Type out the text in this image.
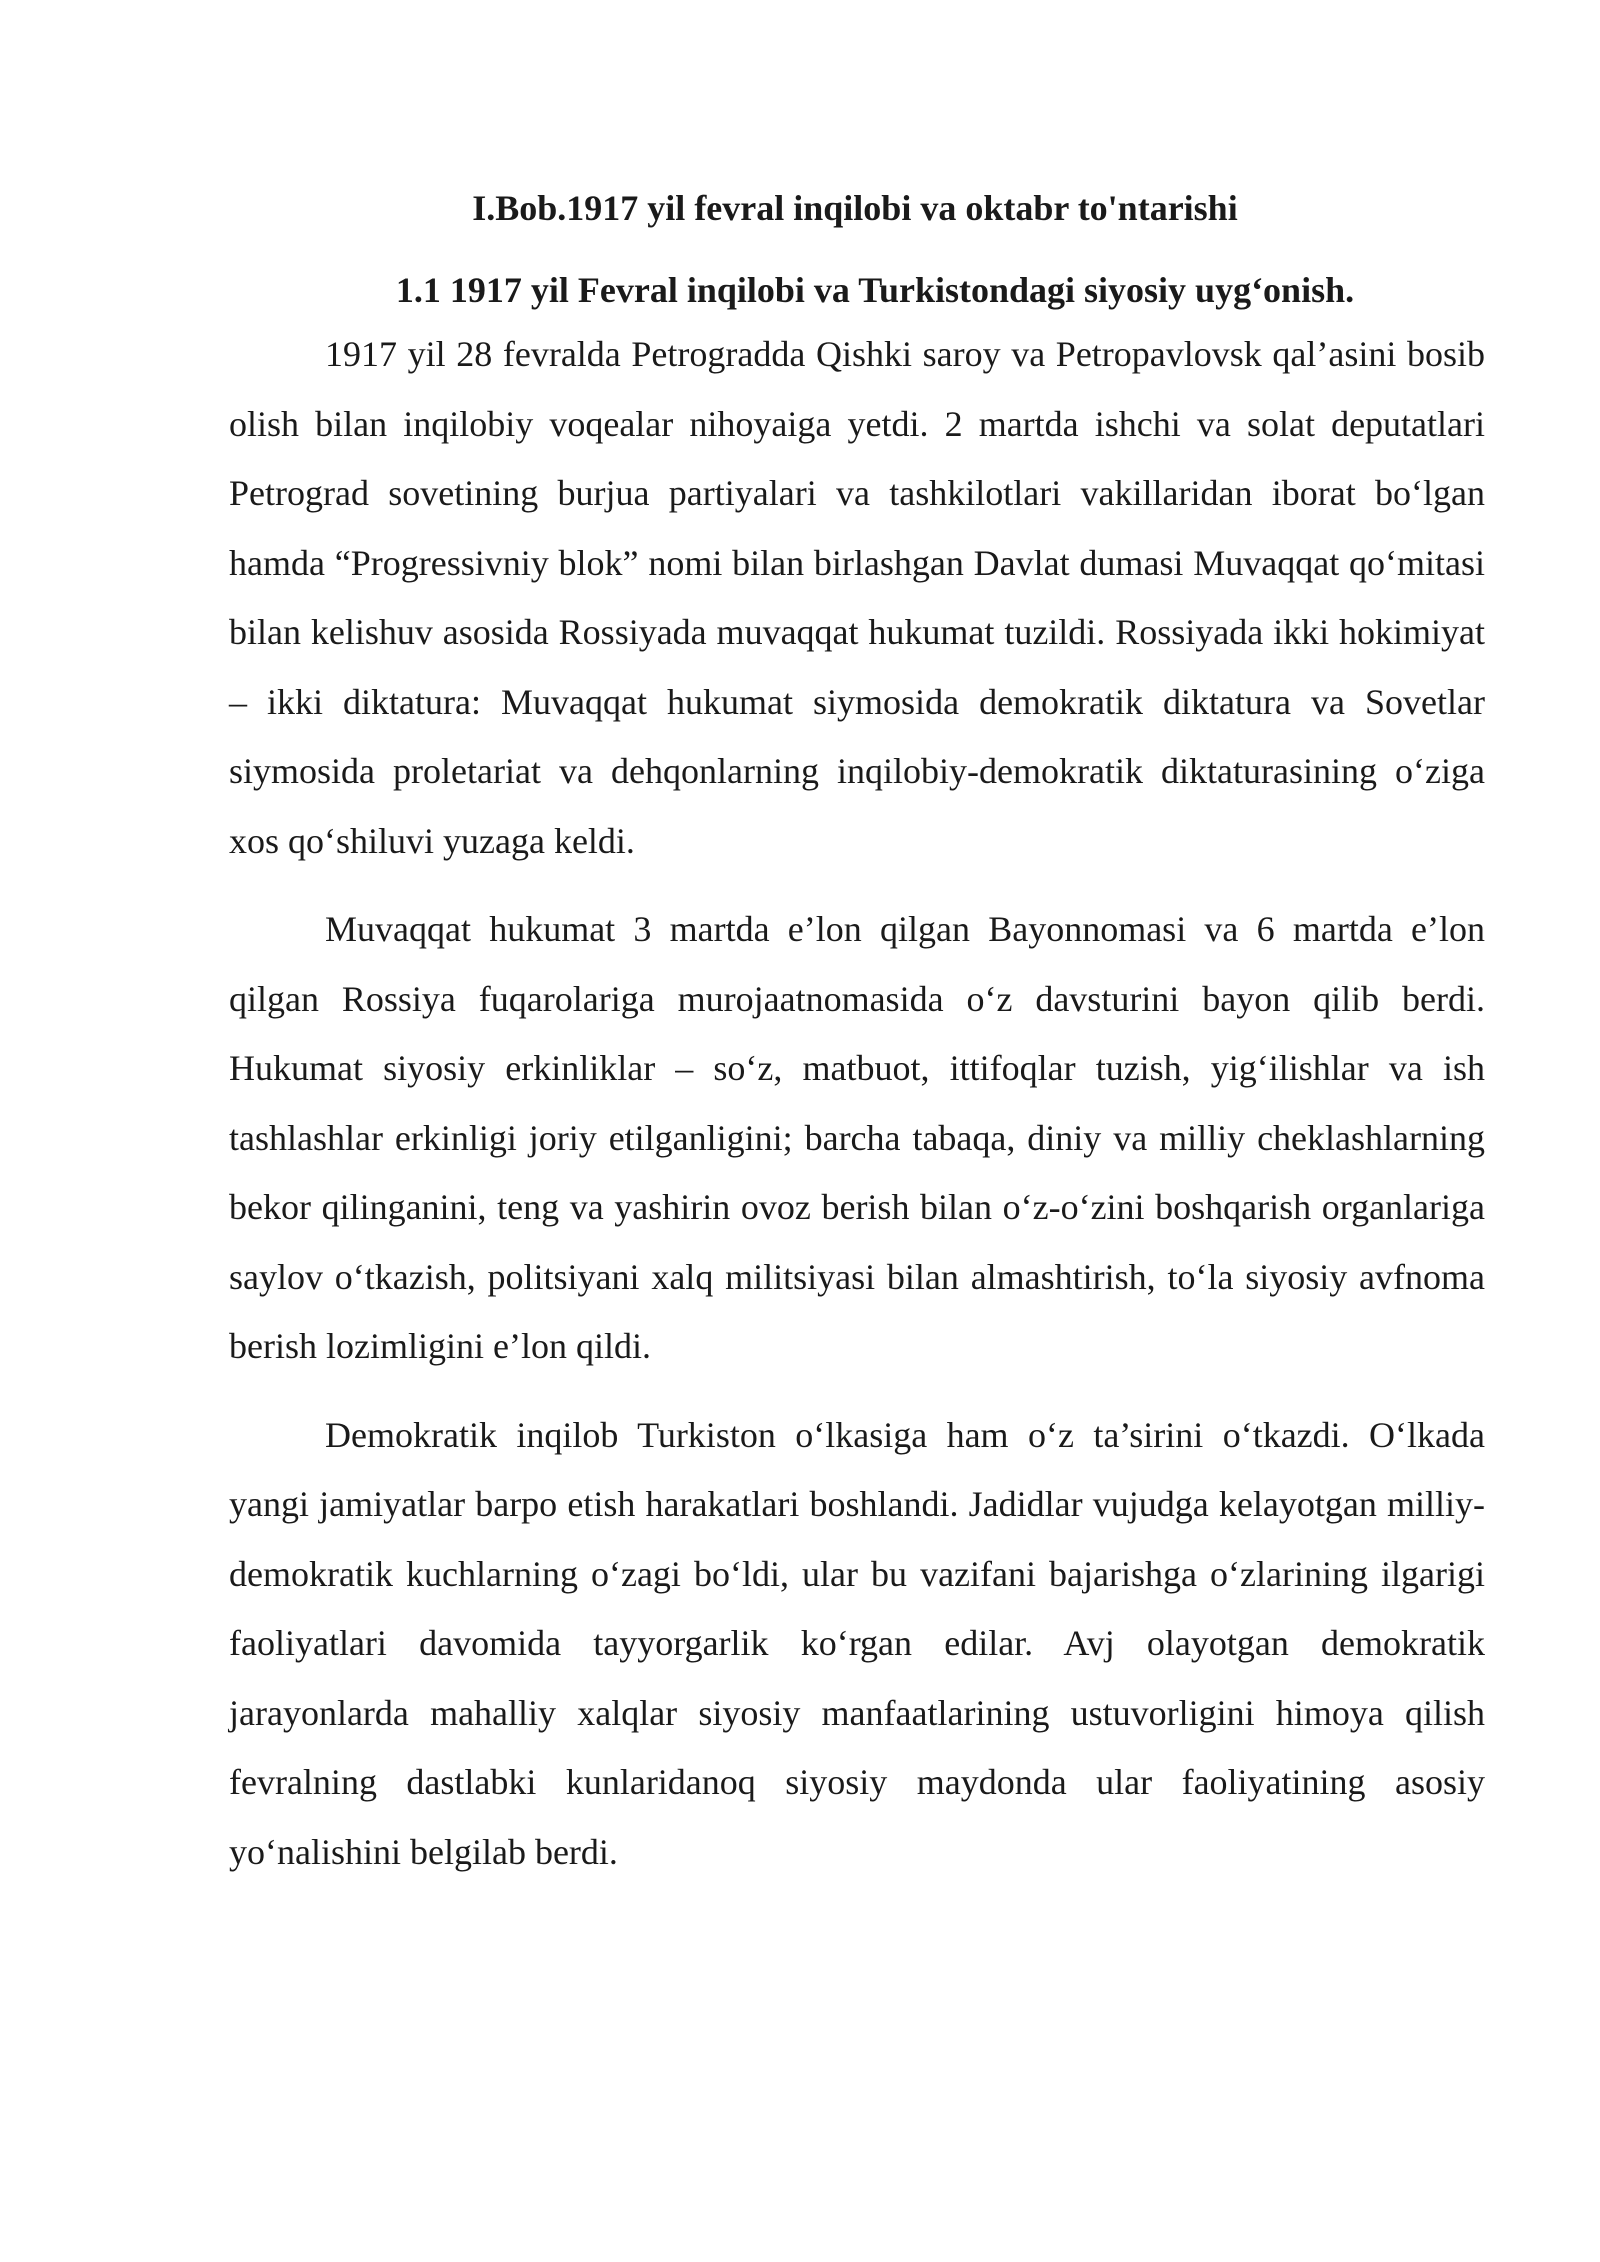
I.Bob.1917 yil fevral inqilobi va oktabr to'ntarishi
1.1 1917 yil Fevral inqilobi va Turkistondagi siyosiy uyg‘onish.

1917 yil 28 fevralda Petrogradda Qishki saroy va Petropavlovsk qal’asini bosib olish bilan inqilobiy voqealar nihoyaiga yetdi. 2 martda ishchi va solat deputatlari Petrograd sovetining burjua partiyalari va tashkilotlari vakillaridan iborat bo‘lgan hamda “Progressivniy blok” nomi bilan birlashgan Davlat dumasi Muvaqqat qo‘mitasi bilan kelishuv asosida Rossiyada muvaqqat hukumat tuzildi. Rossiyada ikki hokimiyat – ikki diktatura: Muvaqqat hukumat siymosida demokratik diktatura va Sovetlar siymosida proletariat va dehqonlarning inqilobiy-demokratik diktaturasining o‘ziga xos qo‘shiluvi yuzaga keldi.

Muvaqqat hukumat 3 martda e’lon qilgan Bayonnomasi va 6 martda e’lon qilgan Rossiya fuqarolariga murojaatnomasida o‘z davsturini bayon qilib berdi. Hukumat siyosiy erkinliklar – so‘z, matbuot, ittifoqlar tuzish, yig‘ilishlar va ish tashlashlar erkinligi joriy etilganligini; barcha tabaqa, diniy va milliy cheklashlarning bekor qilinganini, teng va yashirin ovoz berish bilan o‘z-o‘zini boshqarish organlariga saylov o‘tkazish, politsiyani xalq militsiyasi bilan almashtirish, to‘la siyosiy avfnoma berish lozimligini e’lon qildi.

Demokratik inqilob Turkiston o‘lkasiga ham o‘z ta’sirini o‘tkazdi. O‘lkada yangi jamiyatlar barpo etish harakatlari boshlandi. Jadidlar vujudga kelayotgan milliy-demokratik kuchlarning o‘zagi bo‘ldi, ular bu vazifani bajarishga o‘zlarining ilgarigi faoliyatlari davomida tayyorgarlik ko‘rgan edilar. Avj olayotgan demokratik jarayonlarda mahalliy xalqlar siyosiy manfaatlarining ustuvorligini himoya qilish fevralning dastlabki kunlaridanoq siyosiy maydonda ular faoliyatining asosiy yo‘nalishini belgilab berdi.
